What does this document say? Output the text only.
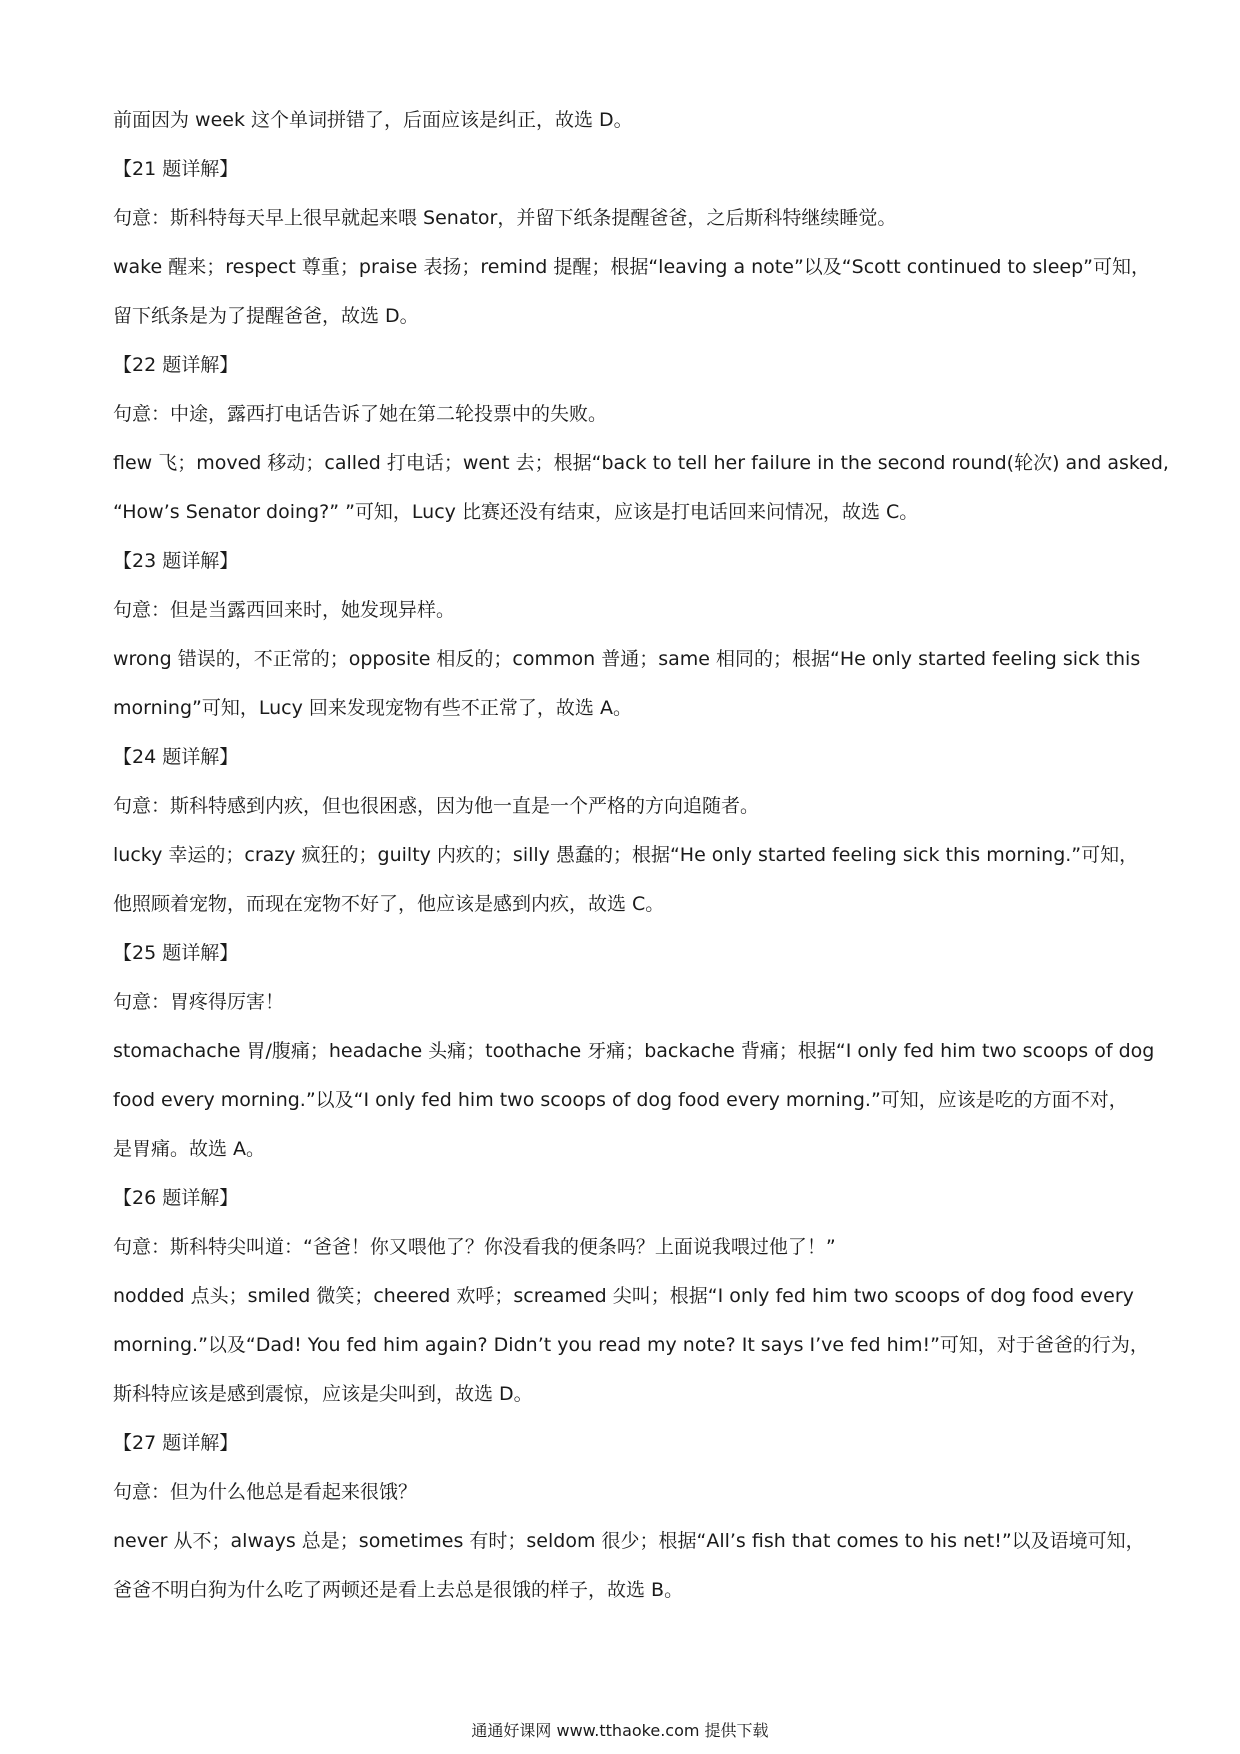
前面因为 week 这个单词拼错了，后面应该是纠正，故选 D。

【21 题详解】

句意：斯科特每天早上很早就起来喂 Senator，并留下纸条提醒爸爸，之后斯科特继续睡觉。

wake 醒来；respect 尊重；praise 表扬；remind 提醒；根据“leaving a note”以及“Scott continued to sleep”可知，

留下纸条是为了提醒爸爸，故选 D。

【22 题详解】

句意：中途，露西打电话告诉了她在第二轮投票中的失败。

flew 飞；moved 移动；called 打电话；went 去；根据“back to tell her failure in the second round(轮次) and asked,

“How’s Senator doing?” ”可知，Lucy 比赛还没有结束，应该是打电话回来问情况，故选 C。

【23 题详解】

句意：但是当露西回来时，她发现异样。

wrong 错误的，不正常的；opposite 相反的；common 普通；same 相同的；根据“He only started feeling sick this

morning”可知，Lucy 回来发现宠物有些不正常了，故选 A。

【24 题详解】

句意：斯科特感到内疚，但也很困惑，因为他一直是一个严格的方向追随者。

lucky 幸运的；crazy 疯狂的；guilty 内疚的；silly 愚蠢的；根据“He only started feeling sick this morning.”可知，

他照顾着宠物，而现在宠物不好了，他应该是感到内疚，故选 C。

【25 题详解】

句意：胃疼得厉害！

stomachache 胃/腹痛；headache 头痛；toothache 牙痛；backache 背痛；根据“I only fed him two scoops of dog

food every morning.”以及“I only fed him two scoops of dog food every morning.”可知，应该是吃的方面不对，

是胃痛。故选 A。

【26 题详解】

句意：斯科特尖叫道：“爸爸！你又喂他了？你没看我的便条吗？上面说我喂过他了！”

nodded 点头；smiled 微笑；cheered 欢呼；screamed 尖叫；根据“I only fed him two scoops of dog food every

morning.”以及“Dad! You fed him again? Didn’t you read my note? It says I’ve fed him!”可知，对于爸爸的行为，

斯科特应该是感到震惊，应该是尖叫到，故选 D。

【27 题详解】

句意：但为什么他总是看起来很饿？

never 从不；always 总是；sometimes 有时；seldom 很少；根据“All’s fish that comes to his net!”以及语境可知，

爸爸不明白狗为什么吃了两顿还是看上去总是很饿的样子，故选 B。

通通好课网 www.tthaoke.com 提供下载
